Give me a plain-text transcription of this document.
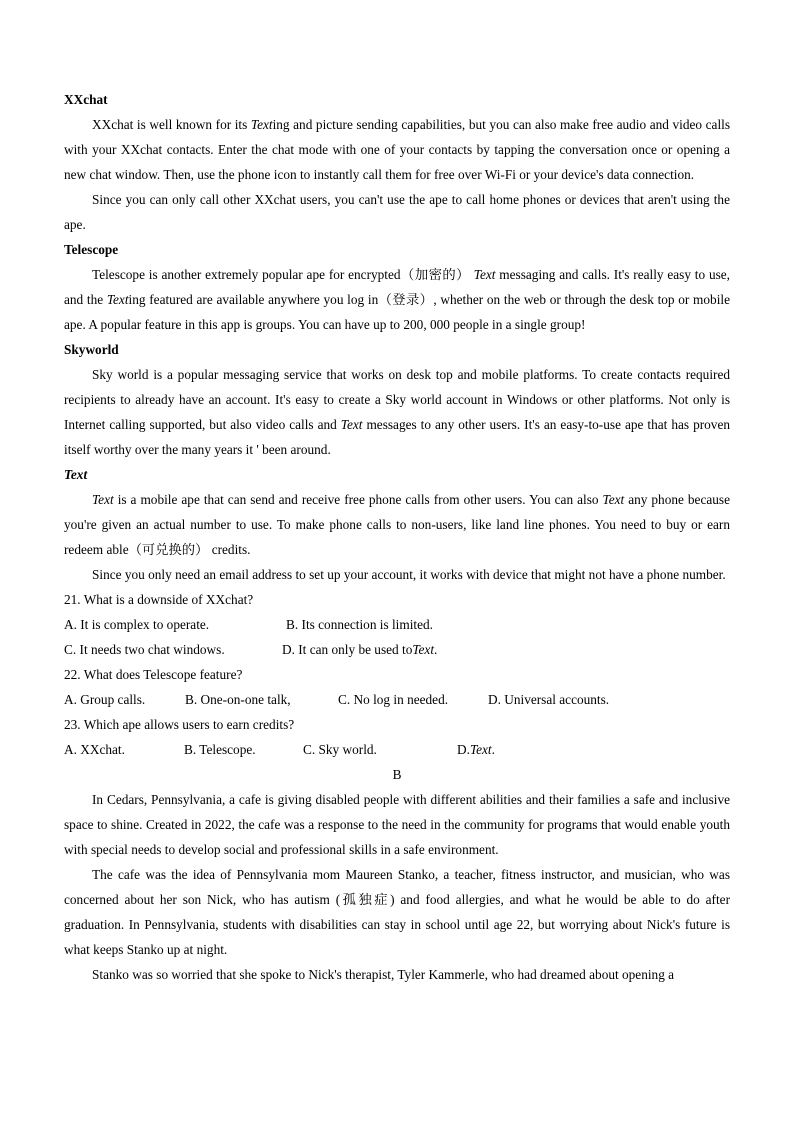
XXchat

XXchat is well known for its Texting and picture sending capabilities, but you can also make free audio and video calls with your XXchat contacts. Enter the chat mode with one of your contacts by tapping the conversation once or opening a new chat window. Then, use the phone icon to instantly call them for free over Wi-Fi or your device's data connection.

Since you can only call other XXchat users, you can't use the ape to call home phones or devices that aren't using the ape.

Telescope

Telescope is another extremely popular ape for encrypted（加密的） Text messaging and calls. It's really easy to use, and the Texting featured are available anywhere you log in（登录）, whether on the web or through the desk top or mobile ape. A popular feature in this app is groups. You can have up to 200, 000 people in a single group!

Skyworld

Sky world is a popular messaging service that works on desk top and mobile platforms. To create contacts required recipients to already have an account. It's easy to create a Sky world account in Windows or other platforms. Not only is Internet calling supported, but also video calls and Text messages to any other users. It's an easy-to-use ape that has proven itself worthy over the many years it ' been around.

Text

Text is a mobile ape that can send and receive free phone calls from other users. You can also Text any phone because you're given an actual number to use. To make phone calls to non-users, like land line phones. You need to buy or earn redeem able（可兑换的） credits.

Since you only need an email address to set up your account, it works with device that might not have a phone number.

21. What is a downside of XXchat?
A. It is complex to operate.	B. Its connection is limited.
C. It needs two chat windows.	D. It can only be used toText.
22. What does Telescope feature?
A. Group calls.	B. One-on-one talk,	C. No log in needed.	D. Universal accounts.
23. Which ape allows users to earn credits?
A. XXchat.	B. Telescope.	C. Sky world.	D.Text.
B

In Cedars, Pennsylvania, a cafe is giving disabled people with different abilities and their families a safe and inclusive space to shine. Created in 2022, the cafe was a response to the need in the community for programs that would enable youth with special needs to develop social and professional skills in a safe environment.

The cafe was the idea of Pennsylvania mom Maureen Stanko, a teacher, fitness instructor, and musician, who was concerned about her son Nick, who has autism (孤独症) and food allergies, and what he would be able to do after graduation. In Pennsylvania, students with disabilities can stay in school until age 22, but worrying about Nick's future is what keeps Stanko up at night.

Stanko was so worried that she spoke to Nick's therapist, Tyler Kammerle, who had dreamed about opening a
